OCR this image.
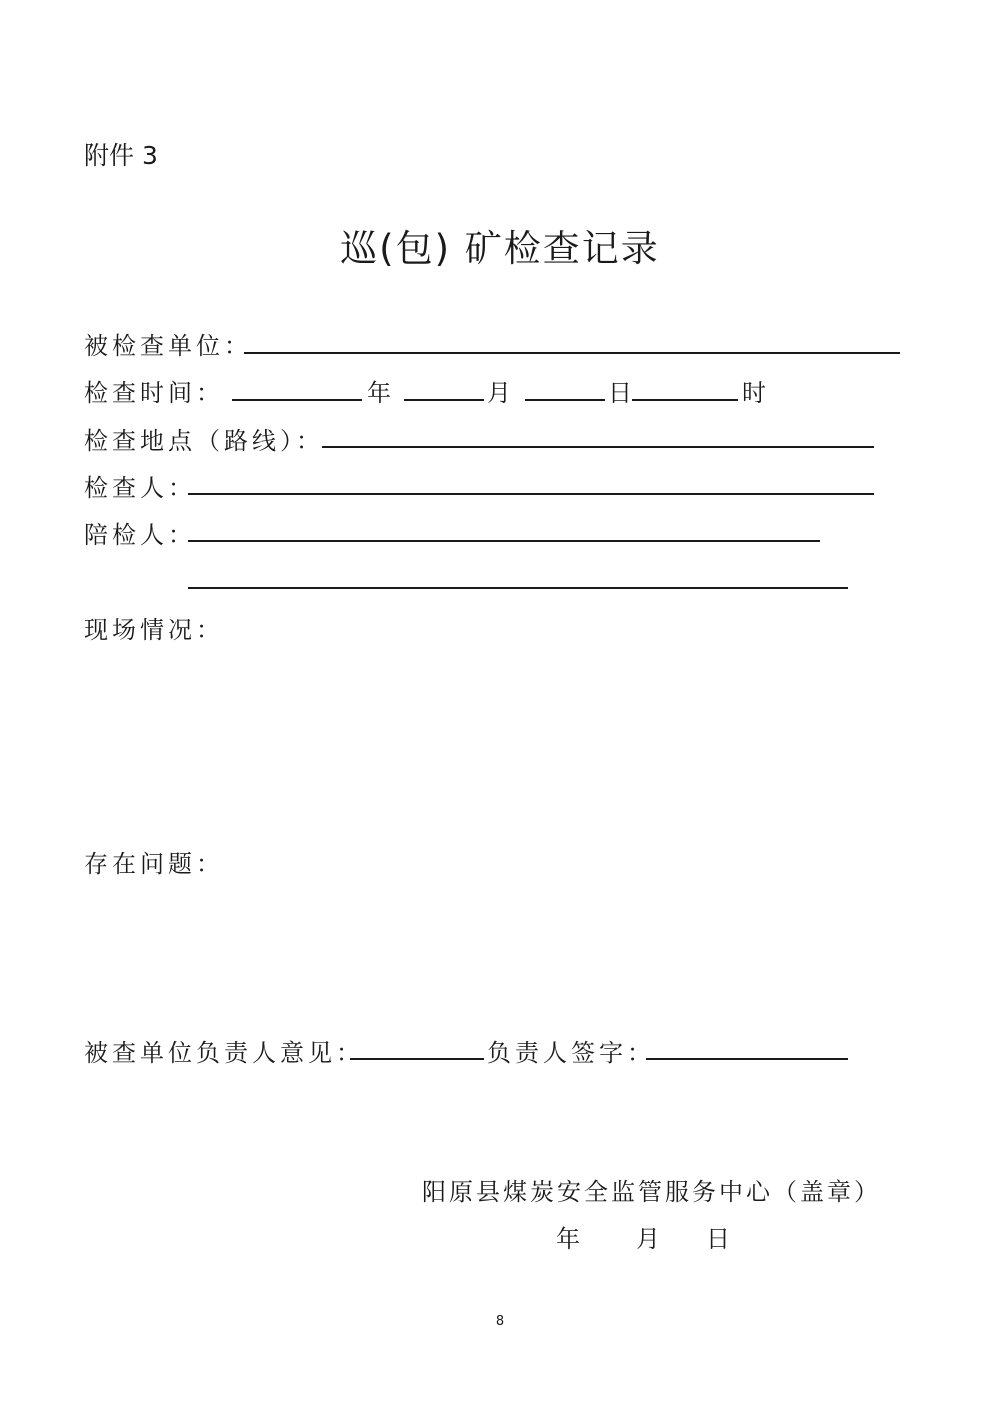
附件 3
巡(包) 矿检查记录
被检查单位：
检查时间：	年	月	日	时
检查地点（路线）：
检查人：
陪检人：
现场情况：
存在问题：
被查单位负责人意见：	负责人签字：
阳原县煤炭安全监管服务中心（盖章）
年 月 日
8
